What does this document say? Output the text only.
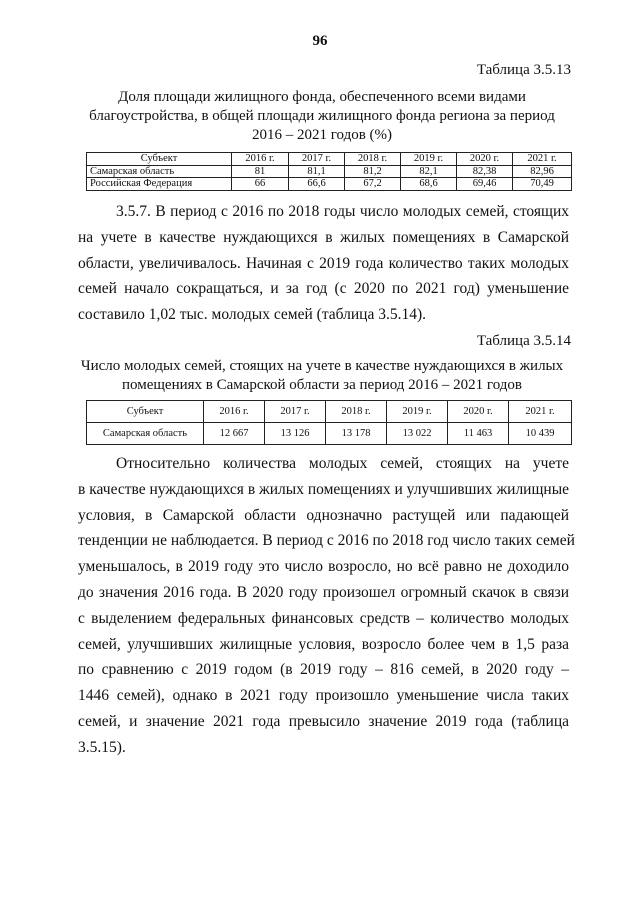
96
Таблица 3.5.13
Доля площади жилищного фонда, обеспеченного всеми видами
благоустройства, в общей площади жилищного фонда региона за период
2016 – 2021 годов (%)
Субъект	2016 г.	2017 г.	2018 г.	2019 г.	2020 г.	2021 г.
Самарская область	81	81,1	81,2	82,1	82,38	82,96
Российская Федерация	66	66,6	67,2	68,6	69,46	70,49
3.5.7. В период с 2016 по 2018 годы число молодых семей, стоящих
на учете в качестве нуждающихся в жилых помещениях в Самарской
области, увеличивалось. Начиная с 2019 года количество таких молодых
семей начало сокращаться, и за год (с 2020 по 2021 год) уменьшение
составило 1,02 тыс. молодых семей (таблица 3.5.14).
Таблица 3.5.14
Число молодых семей, стоящих на учете в качестве нуждающихся в жилых
помещениях в Самарской области за период 2016 – 2021 годов
Субъект	2016 г.	2017 г.	2018 г.	2019 г.	2020 г.	2021 г.
Самарская область	12 667	13 126	13 178	13 022	11 463	10 439
Относительно количества молодых семей, стоящих на учете
в качестве нуждающихся в жилых помещениях и улучшивших жилищные
условия, в Самарской области однозначно растущей или падающей
тенденции не наблюдается. В период с 2016 по 2018 год число таких семей
уменьшалось, в 2019 году это число возросло, но всё равно не доходило
до значения 2016 года. В 2020 году произошел огромный скачок в связи
с выделением федеральных финансовых средств – количество молодых
семей, улучшивших жилищные условия, возросло более чем в 1,5 раза
по сравнению с 2019 годом (в 2019 году – 816 семей, в 2020 году –
1446 семей), однако в 2021 году произошло уменьшение числа таких
семей, и значение 2021 года превысило значение 2019 года (таблица
3.5.15).
